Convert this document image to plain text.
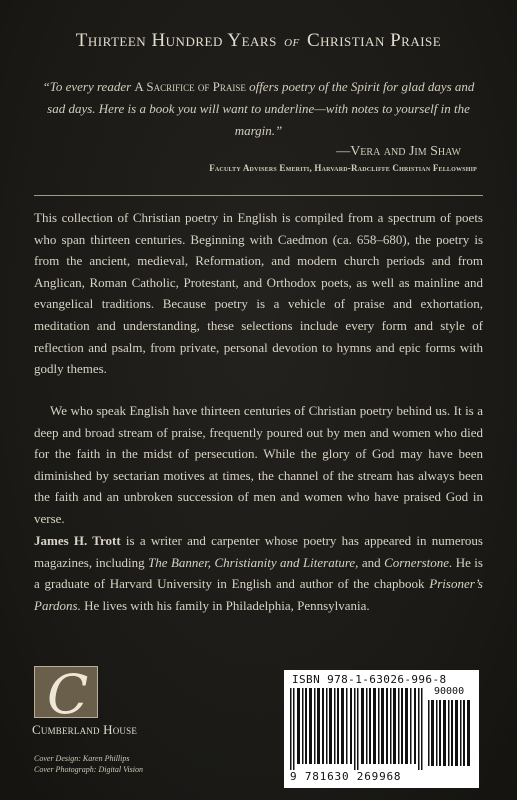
Thirteen Hundred Years of Christian Praise
“To every reader A Sacrifice of Praise offers poetry of the Spirit for glad days and sad days. Here is a book you will want to underline—with notes to yourself in the margin.”
—Vera and Jim Shaw
Faculty Advisers Emeriti, Harvard-Radcliffe Christian Fellowship
This collection of Christian poetry in English is compiled from a spectrum of poets who span thirteen centuries. Beginning with Caedmon (ca. 658–680), the poetry is from the ancient, medieval, Reformation, and modern church periods and from Anglican, Roman Catholic, Protestant, and Orthodox poets, as well as mainline and evangelical traditions. Because poetry is a vehicle of praise and exhortation, meditation and understanding, these selections include every form and style of reflection and psalm, from private, personal devotion to hymns and epic forms with godly themes.
We who speak English have thirteen centuries of Christian poetry behind us. It is a deep and broad stream of praise, frequently poured out by men and women who died for the faith in the midst of persecution. While the glory of God may have been diminished by sectarian motives at times, the channel of the stream has always been the faith and an unbroken succession of men and women who have praised God in verse.
James H. Trott is a writer and carpenter whose poetry has appeared in numerous magazines, including The Banner, Christianity and Literature, and Cornerstone. He is a graduate of Harvard University in English and author of the chapbook Prisoner’s Pardons. He lives with his family in Philadelphia, Pennsylvania.
C
Cumberland House
Cover Design: Karen Phillips
Cover Photograph: Digital Vision
ISBN 978-1-63026-996-8
90000
9 781630 269968
